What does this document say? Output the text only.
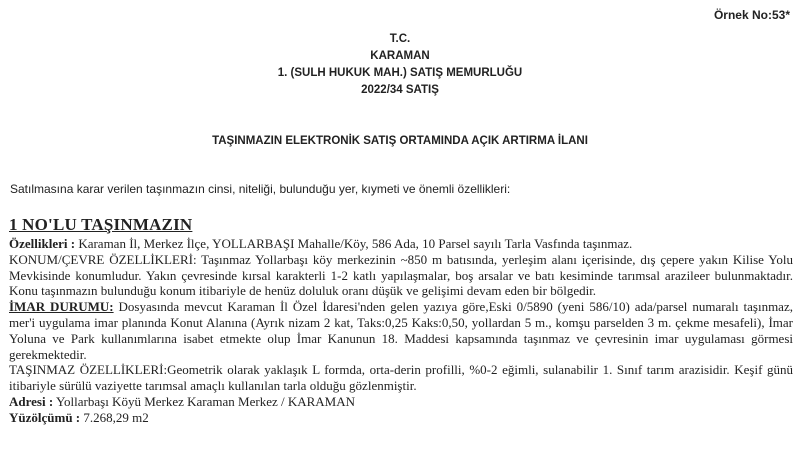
Örnek No:53*
T.C.
KARAMAN
1. (SULH HUKUK MAH.) SATIŞ MEMURLUĞU
2022/34 SATIŞ
TAŞINMAZIN ELEKTRONİK SATIŞ ORTAMINDA AÇIK ARTIRMA İLANI
Satılmasına karar verilen taşınmazın cinsi, niteliği, bulunduğu yer, kıymeti ve önemli özellikleri:
1 NO'LU TAŞINMAZIN

Özellikleri : Karaman İl, Merkez İlçe, YOLLARBAŞI Mahalle/Köy, 586 Ada, 10 Parsel sayılı Tarla Vasfında taşınmaz.

KONUM/ÇEVRE ÖZELLİKLERİ: Taşınmaz Yollarbaşı köy merkezinin ~850 m batısında, yerleşim alanı içerisinde, dış çepere yakın Kilise Yolu Mevkisinde konumludur. Yakın çevresinde kırsal karakterli 1-2 katlı yapılaşmalar, boş arsalar ve batı kesiminde tarımsal arazileer bulunmaktadır. Konu taşınmazın bulunduğu konum itibariyle de henüz doluluk oranı düşük ve gelişimi devam eden bir bölgedir.

İMAR DURUMU: Dosyasında mevcut Karaman İl Özel İdaresi'nden gelen yazıya göre,Eski 0/5890 (yeni 586/10) ada/parsel numaralı taşınmaz, mer'i uygulama imar planında Konut Alanına (Ayrık nizam 2 kat, Taks:0,25 Kaks:0,50, yollardan 5 m., komşu parselden 3 m. çekme mesafeli), İmar Yoluna ve Park kullanımlarına isabet etmekte olup İmar Kanunun 18. Maddesi kapsamında taşınmaz ve çevresinin imar uygulaması görmesi gerekmektedir.

TAŞINMAZ ÖZELLİKLERİ:Geometrik olarak yaklaşık L formda, orta-derin profilli, %0-2 eğimli, sulanabilir 1. Sınıf tarım arazisidir. Keşif günü itibariyle sürülü vaziyette tarımsal amaçlı kullanılan tarla olduğu gözlenmiştir.

Adresi : Yollarbaşı Köyü Merkez Karaman Merkez / KARAMAN

Yüzölçümü : 7.268,29 m2
